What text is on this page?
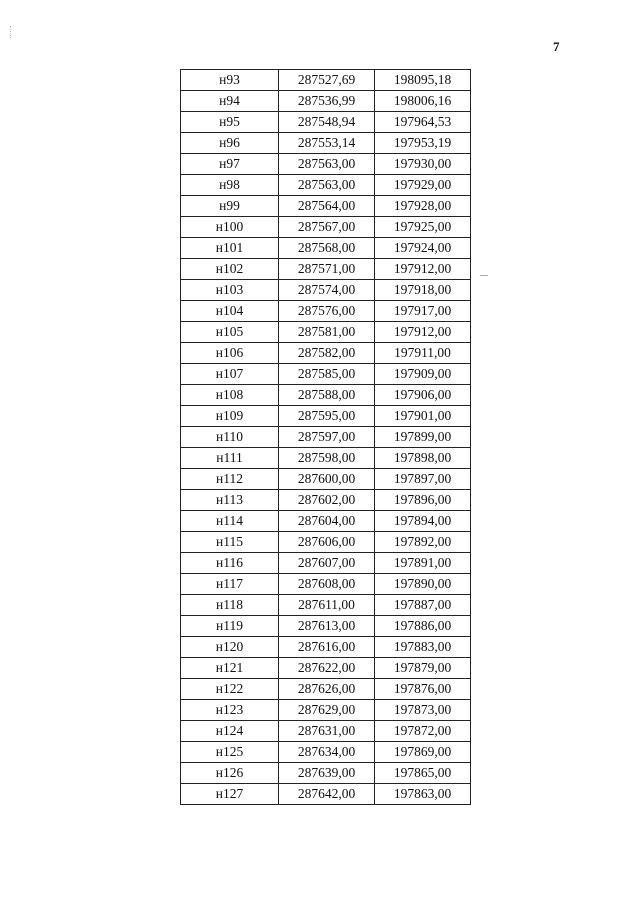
7
н93	287527,69	198095,18
н94	287536,99	198006,16
н95	287548,94	197964,53
н96	287553,14	197953,19
н97	287563,00	197930,00
н98	287563,00	197929,00
н99	287564,00	197928,00
н100	287567,00	197925,00
н101	287568,00	197924,00
н102	287571,00	197912,00
н103	287574,00	197918,00
н104	287576,00	197917,00
н105	287581,00	197912,00
н106	287582,00	197911,00
н107	287585,00	197909,00
н108	287588,00	197906,00
н109	287595,00	197901,00
н110	287597,00	197899,00
н111	287598,00	197898,00
н112	287600,00	197897,00
н113	287602,00	197896,00
н114	287604,00	197894,00
н115	287606,00	197892,00
н116	287607,00	197891,00
н117	287608,00	197890,00
н118	287611,00	197887,00
н119	287613,00	197886,00
н120	287616,00	197883,00
н121	287622,00	197879,00
н122	287626,00	197876,00
н123	287629,00	197873,00
н124	287631,00	197872,00
н125	287634,00	197869,00
н126	287639,00	197865,00
н127	287642,00	197863,00
